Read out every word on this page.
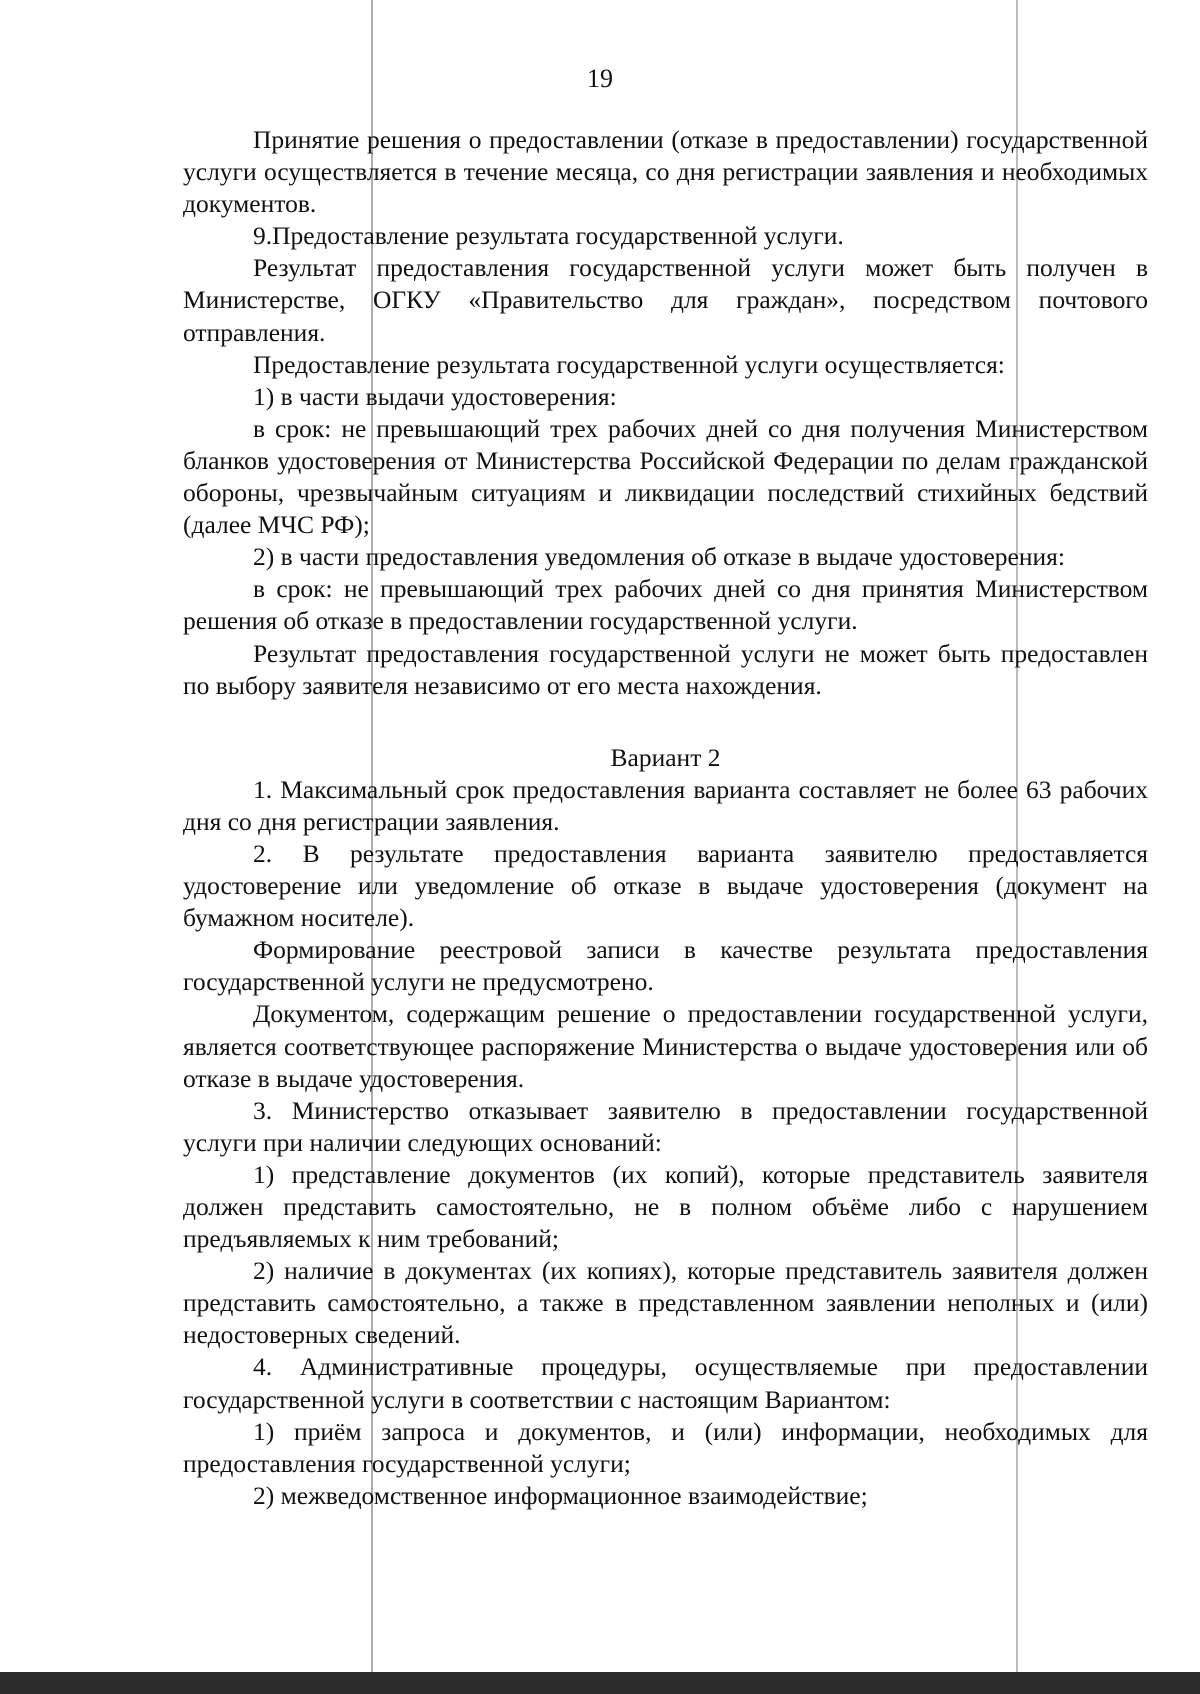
19

Принятие решения о предоставлении (отказе в предоставлении) государственной услуги осуществляется в течение месяца, со дня регистрации заявления и необходимых документов.

9.Предоставление результата государственной услуги.

Результат предоставления государственной услуги может быть получен в Министерстве, ОГКУ «Правительство для граждан», посредством почтового отправления.

Предоставление результата государственной услуги осуществляется:

1) в части выдачи удостоверения:

в срок: не превышающий трех рабочих дней со дня получения Министерством бланков удостоверения от Министерства Российской Федерации по делам гражданской обороны, чрезвычайным ситуациям и ликвидации последствий стихийных бедствий (далее МЧС РФ);

2) в части предоставления уведомления об отказе в выдаче удостоверения:

в срок: не превышающий трех рабочих дней со дня принятия Министерством решения об отказе в предоставлении государственной услуги.

Результат предоставления государственной услуги не может быть предоставлен по выбору заявителя независимо от его места нахождения.

Вариант 2

1. Максимальный срок предоставления варианта составляет не более 63 рабочих дня со дня регистрации заявления.

2. В результате предоставления варианта заявителю предоставляется удостоверение или уведомление об отказе в выдаче удостоверения (документ на бумажном носителе).

Формирование реестровой записи в качестве результата предоставления государственной услуги не предусмотрено.

Документом, содержащим решение о предоставлении государственной услуги, является соответствующее распоряжение Министерства о выдаче удостоверения или об отказе в выдаче удостоверения.

3. Министерство отказывает заявителю в предоставлении государственной услуги при наличии следующих оснований:

1) представление документов (их копий), которые представитель заявителя должен представить самостоятельно, не в полном объёме либо с нарушением предъявляемых к ним требований;

2) наличие в документах (их копиях), которые представитель заявителя должен представить самостоятельно, а также в представленном заявлении неполных и (или) недостоверных сведений.

4. Административные процедуры, осуществляемые при предоставлении государственной услуги в соответствии с настоящим Вариантом:

1) приём запроса и документов, и (или) информации, необходимых для предоставления государственной услуги;

2) межведомственное информационное взаимодействие;
